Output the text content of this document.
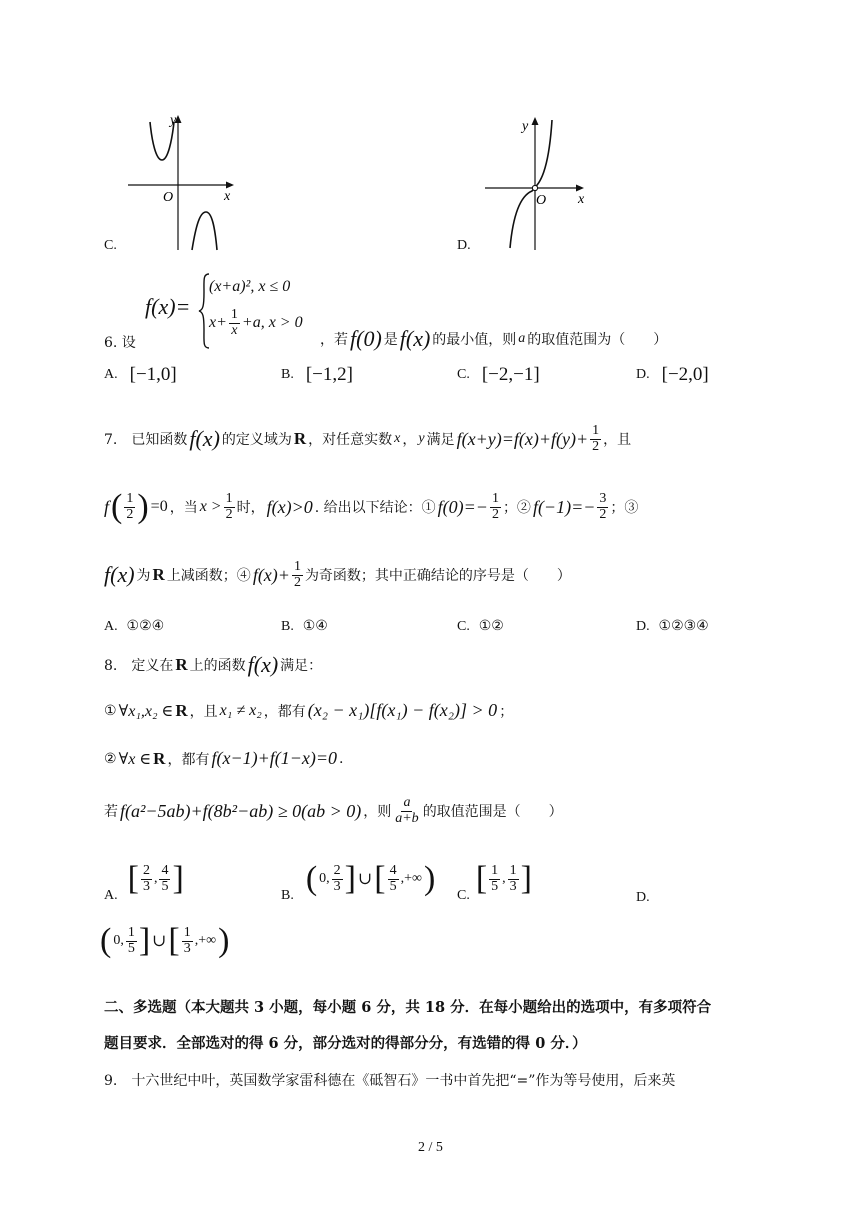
y
x
O
C.
y
x
O
D.
6. 设
f(x)=
(x+a)², x ≤ 0
$x+ \frac{1}{x} +a$, x > 0
，若 f(0) 是 f(x) 的最小值，则 a 的取值范围为（　　）
A. [−1,0]	B. [−1,2]	C. [−2,−1]	D. [−2,0]
7.　已知函数 f(x) 的定义域为 R ，对任意实数 x ， y 满足 $f(x+y)=f(x)+f(y)+ \frac{1}{2}$ ，且
f ( $\frac{1}{2}$ ) =0 ，当 $x > \frac{1}{2}$ 时， f(x)>0 . 给出以下结论：① $f(0)=- \frac{1}{2}$ ；② $f(-1)=- \frac{3}{2}$ ；③
f(x) 为 R 上减函数；④ $f(x)+ \frac{1}{2}$ 为奇函数；其中正确结论的序号是（　　）
A. ①②④	B. ①④	C. ①②	D. ①②③④
8.　定义在 R 上的函数 f(x) 满足：
① ∀x₁,x₂ ∈ R ，且 x₁ ≠ x₂ ，都有 (x₂ − x₁)[f(x₁) − f(x₂)] > 0 ；
② ∀x ∈ R ，都有 f(x−1)+f(1−x)=0 .
若 f(a²−5ab)+f(8b²−ab) ≥ 0(ab > 0) ，则 $\frac{a}{a+b}$ 的取值范围是（　　）
A. [ $\frac{2}{3}$ , $\frac{4}{5}$ ]	B. ( 0, $\frac{2}{3}$ ] ∪ [ $\frac{4}{5}$ ,+∞ ) C. [ $\frac{1}{5}$ , $\frac{1}{3}$ ]
D.
( 0, $\frac{1}{5}$ ] ∪ [ $\frac{1}{3}$ ,+∞ )
二、多选题（本大题共 3 小题，每小题 6 分，共 18 分．在每小题给出的选项中，有多项符合
题目要求．全部选对的得 6 分，部分选对的得部分分，有选错的得 0 分．）
9.　十六世纪中叶，英国数学家雷科德在《砥智石》一书中首先把“=”作为等号使用，后来英
2 / 5
